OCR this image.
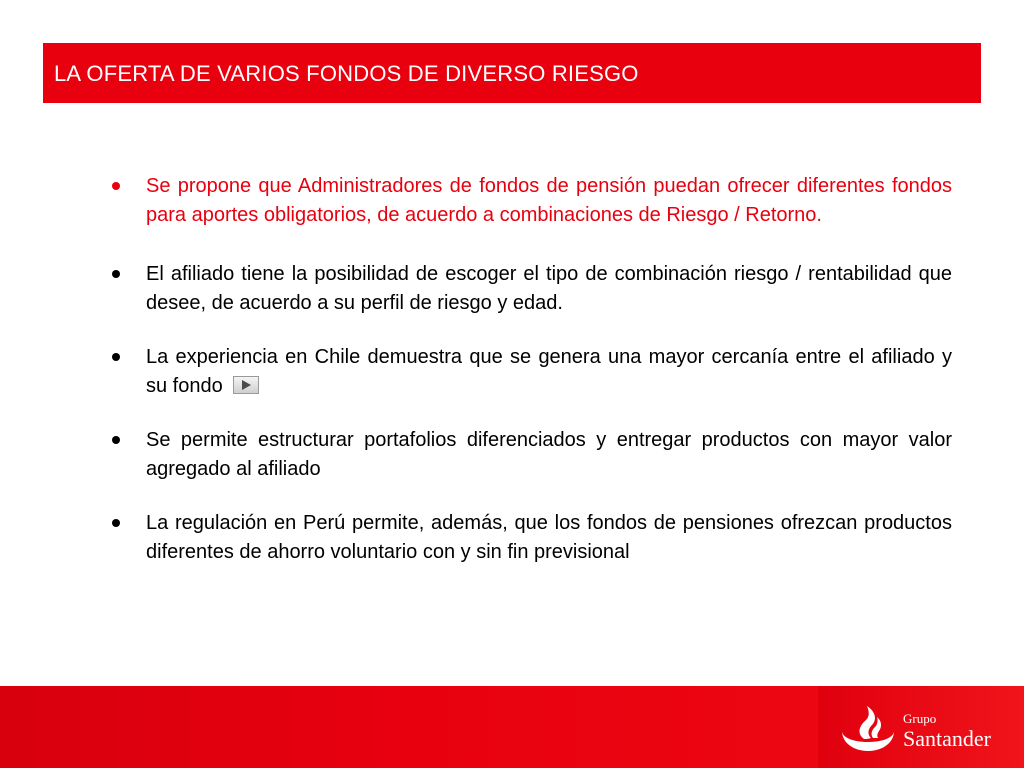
LA OFERTA DE VARIOS FONDOS DE DIVERSO RIESGO
Se propone que Administradores de fondos de pensión puedan ofrecer diferentes fondos para aportes obligatorios, de acuerdo a combinaciones de Riesgo / Retorno.
El afiliado tiene la posibilidad de escoger el tipo de combinación riesgo / rentabilidad que desee, de acuerdo a su perfil de riesgo y edad.
La experiencia en Chile demuestra que se genera una mayor cercanía entre el afiliado y su fondo
Se permite estructurar portafolios diferenciados y entregar productos con mayor valor agregado al afiliado
La regulación en Perú permite, además, que los fondos de pensiones ofrezcan productos diferentes de ahorro voluntario con y sin fin previsional
Grupo
Santander
